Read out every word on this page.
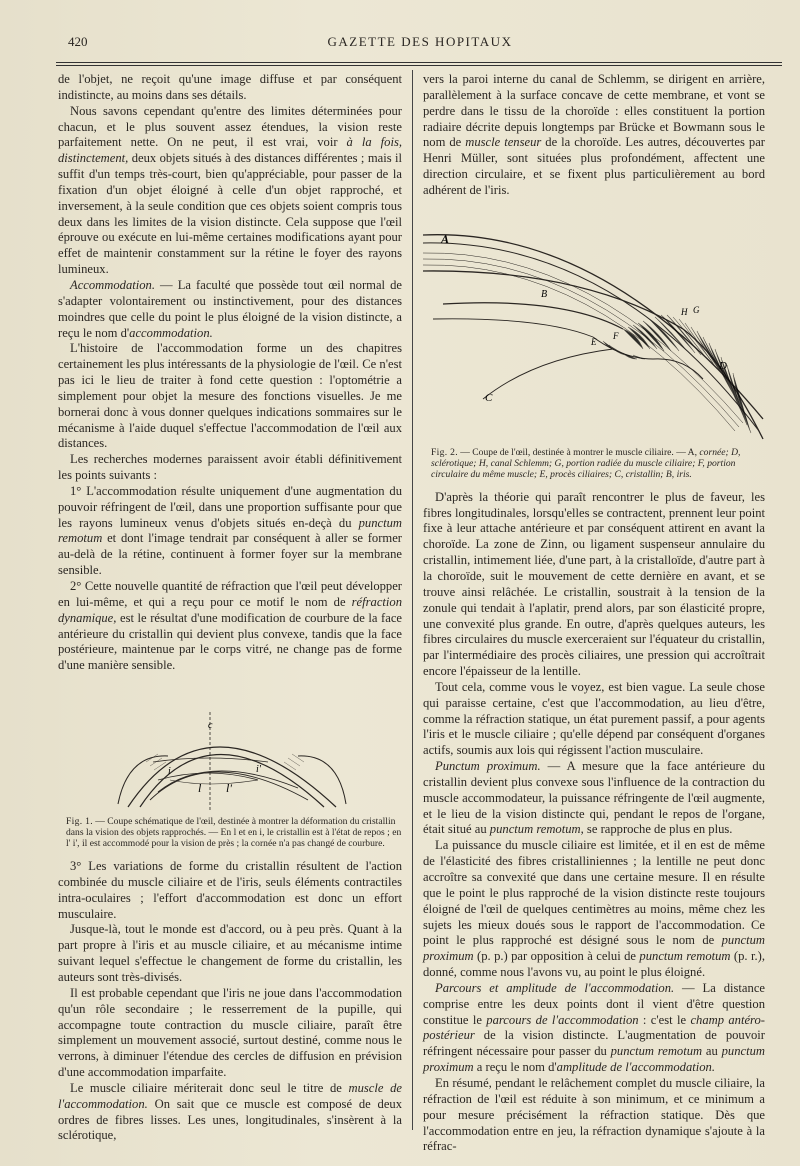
420	GAZETTE DES HOPITAUX

de l'objet, ne reçoit qu'une image diffuse et par conséquent indistincte, au moins dans ses détails.

Nous savons cependant qu'entre des limites déterminées pour chacun, et le plus souvent assez étendues, la vision reste parfaitement nette. On ne peut, il est vrai, voir à la fois, distinctement, deux objets situés à des distances différentes ; mais il suffit d'un temps très-court, bien qu'appréciable, pour passer de la fixation d'un objet éloigné à celle d'un objet rapproché, et inversement, à la seule condition que ces objets soient compris tous deux dans les limites de la vision distincte. Cela suppose que l'œil éprouve ou exécute en lui-même certaines modifications ayant pour effet de maintenir constamment sur la rétine le foyer des rayons lumineux.

Accommodation. — La faculté que possède tout œil normal de s'adapter volontairement ou instinctivement, pour des distances moindres que celle du point le plus éloigné de la vision distincte, a reçu le nom d'accommodation.

L'histoire de l'accommodation forme un des chapitres certainement les plus intéressants de la physiologie de l'œil. Ce n'est pas ici le lieu de traiter à fond cette question : l'optométrie a simplement pour objet la mesure des fonctions visuelles. Je me bornerai donc à vous donner quelques indications sommaires sur le mécanisme à l'aide duquel s'effectue l'accommodation de l'œil aux distances.

Les recherches modernes paraissent avoir établi définitivement les points suivants :

1° L'accommodation résulte uniquement d'une augmentation du pouvoir réfringent de l'œil, dans une proportion suffisante pour que les rayons lumineux venus d'objets situés en-deçà du punctum remotum et dont l'image tendrait par conséquent à aller se former au-delà de la rétine, continuent à former foyer sur la membrane sensible.

2° Cette nouvelle quantité de réfraction que l'œil peut développer en lui-même, et qui a reçu pour ce motif le nom de réfraction dynamique, est le résultat d'une modification de courbure de la face antérieure du cristallin qui devient plus convexe, tandis que la face postérieure, maintenue par le corps vitré, ne change pas de forme d'une manière sensible.

c
i	i'
l l'
Fig. 1. — Coupe schématique de l'œil, destinée à montrer la déformation du cristallin dans la vision des objets rapprochés. — En l et en i, le cristallin est à l'état de repos ; en l' i', il est accommodé pour la vision de près ; la cornée n'a pas changé de courbure.

3° Les variations de forme du cristallin résultent de l'action combinée du muscle ciliaire et de l'iris, seuls éléments contractiles intra-oculaires ; l'effort d'accommodation est donc un effort musculaire.

Jusque-là, tout le monde est d'accord, ou à peu près. Quant à la part propre à l'iris et au muscle ciliaire, et au mécanisme intime suivant lequel s'effectue le changement de forme du cristallin, les auteurs sont très-divisés.

Il est probable cependant que l'iris ne joue dans l'accommodation qu'un rôle secondaire ; le resserrement de la pupille, qui accompagne toute contraction du muscle ciliaire, paraît être simplement un mouvement associé, surtout destiné, comme nous le verrons, à diminuer l'étendue des cercles de diffusion en prévision d'une accommodation imparfaite.

Le muscle ciliaire mériterait donc seul le titre de muscle de l'accommodation. On sait que ce muscle est composé de deux ordres de fibres lisses. Les unes, longitudinales, s'insèrent à la sclérotique,

vers la paroi interne du canal de Schlemm, se dirigent en arrière, parallèlement à la surface concave de cette membrane, et vont se perdre dans le tissu de la choroïde : elles constituent la portion radiaire décrite depuis longtemps par Brücke et Bowmann sous le nom de muscle tenseur de la choroïde. Les autres, découvertes par Henri Müller, sont situées plus profondément, affectent une direction circulaire, et se fixent plus particulièrement au bord adhérent de l'iris.

A
B
C
D
E
F
G
H
Fig. 2. — Coupe de l'œil, destinée à montrer le muscle ciliaire. — A, cornée; D, sclérotique; H, canal Schlemm; G, portion radiée du muscle ciliaire; F, portion circulaire du même muscle; E, procès ciliaires; C, cristallin; B, iris.

D'après la théorie qui paraît rencontrer le plus de faveur, les fibres longitudinales, lorsqu'elles se contractent, prennent leur point fixe à leur attache antérieure et par conséquent attirent en avant la choroïde. La zone de Zinn, ou ligament suspenseur annulaire du cristallin, intimement liée, d'une part, à la cristalloïde, d'autre part à la choroïde, suit le mouvement de cette dernière en avant, et se trouve ainsi relâchée. Le cristallin, soustrait à la tension de la zonule qui tendait à l'aplatir, prend alors, par son élasticité propre, une convexité plus grande. En outre, d'après quelques auteurs, les fibres circulaires du muscle exerceraient sur l'équateur du cristallin, par l'intermédiaire des procès ciliaires, une pression qui accroîtrait encore l'épaisseur de la lentille.

Tout cela, comme vous le voyez, est bien vague. La seule chose qui paraisse certaine, c'est que l'accommodation, au lieu d'être, comme la réfraction statique, un état purement passif, a pour agents l'iris et le muscle ciliaire ; qu'elle dépend par conséquent d'organes actifs, soumis aux lois qui régissent l'action musculaire.

Punctum proximum. — A mesure que la face antérieure du cristallin devient plus convexe sous l'influence de la contraction du muscle accommodateur, la puissance réfringente de l'œil augmente, et le lieu de la vision distincte qui, pendant le repos de l'organe, était situé au punctum remotum, se rapproche de plus en plus.

La puissance du muscle ciliaire est limitée, et il en est de même de l'élasticité des fibres cristalliniennes ; la lentille ne peut donc accroître sa convexité que dans une certaine mesure. Il en résulte que le point le plus rapproché de la vision distincte reste toujours éloigné de l'œil de quelques centimètres au moins, même chez les sujets les mieux doués sous le rapport de l'accommodation. Ce point le plus rapproché est désigné sous le nom de punctum proximum (p. p.) par opposition à celui de punctum remotum (p. r.), donné, comme nous l'avons vu, au point le plus éloigné.

Parcours et amplitude de l'accommodation. — La distance comprise entre les deux points dont il vient d'être question constitue le parcours de l'accommodation : c'est le champ antéro-postérieur de la vision distincte. L'augmentation de pouvoir réfringent nécessaire pour passer du punctum remotum au punctum proximum a reçu le nom d'amplitude de l'accommodation.

En résumé, pendant le relâchement complet du muscle ciliaire, la réfraction de l'œil est réduite à son minimum, et ce minimum a pour mesure précisément la réfraction statique. Dès que l'accommodation entre en jeu, la réfraction dynamique s'ajoute à la réfrac-
